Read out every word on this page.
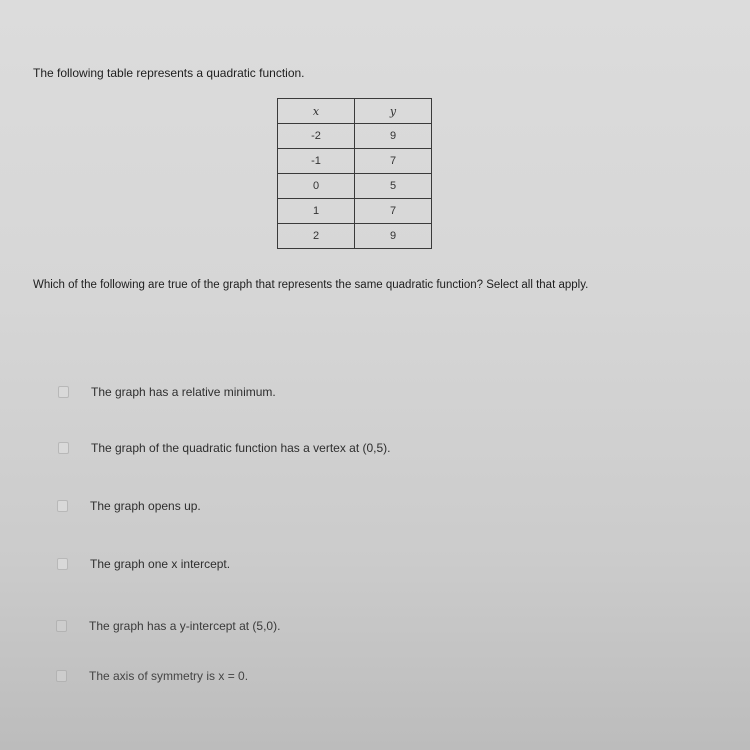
The following table represents a quadratic function.
x	y
-2	9
-1	7
0	5
1	7
2	9
Which of the following are true of the graph that represents the same quadratic function? Select all that apply.
The graph has a relative minimum.
The graph of the quadratic function has a vertex at (0,5).
The graph opens up.
The graph one x intercept.
The graph has a y-intercept at (5,0).
The axis of symmetry is x = 0.
